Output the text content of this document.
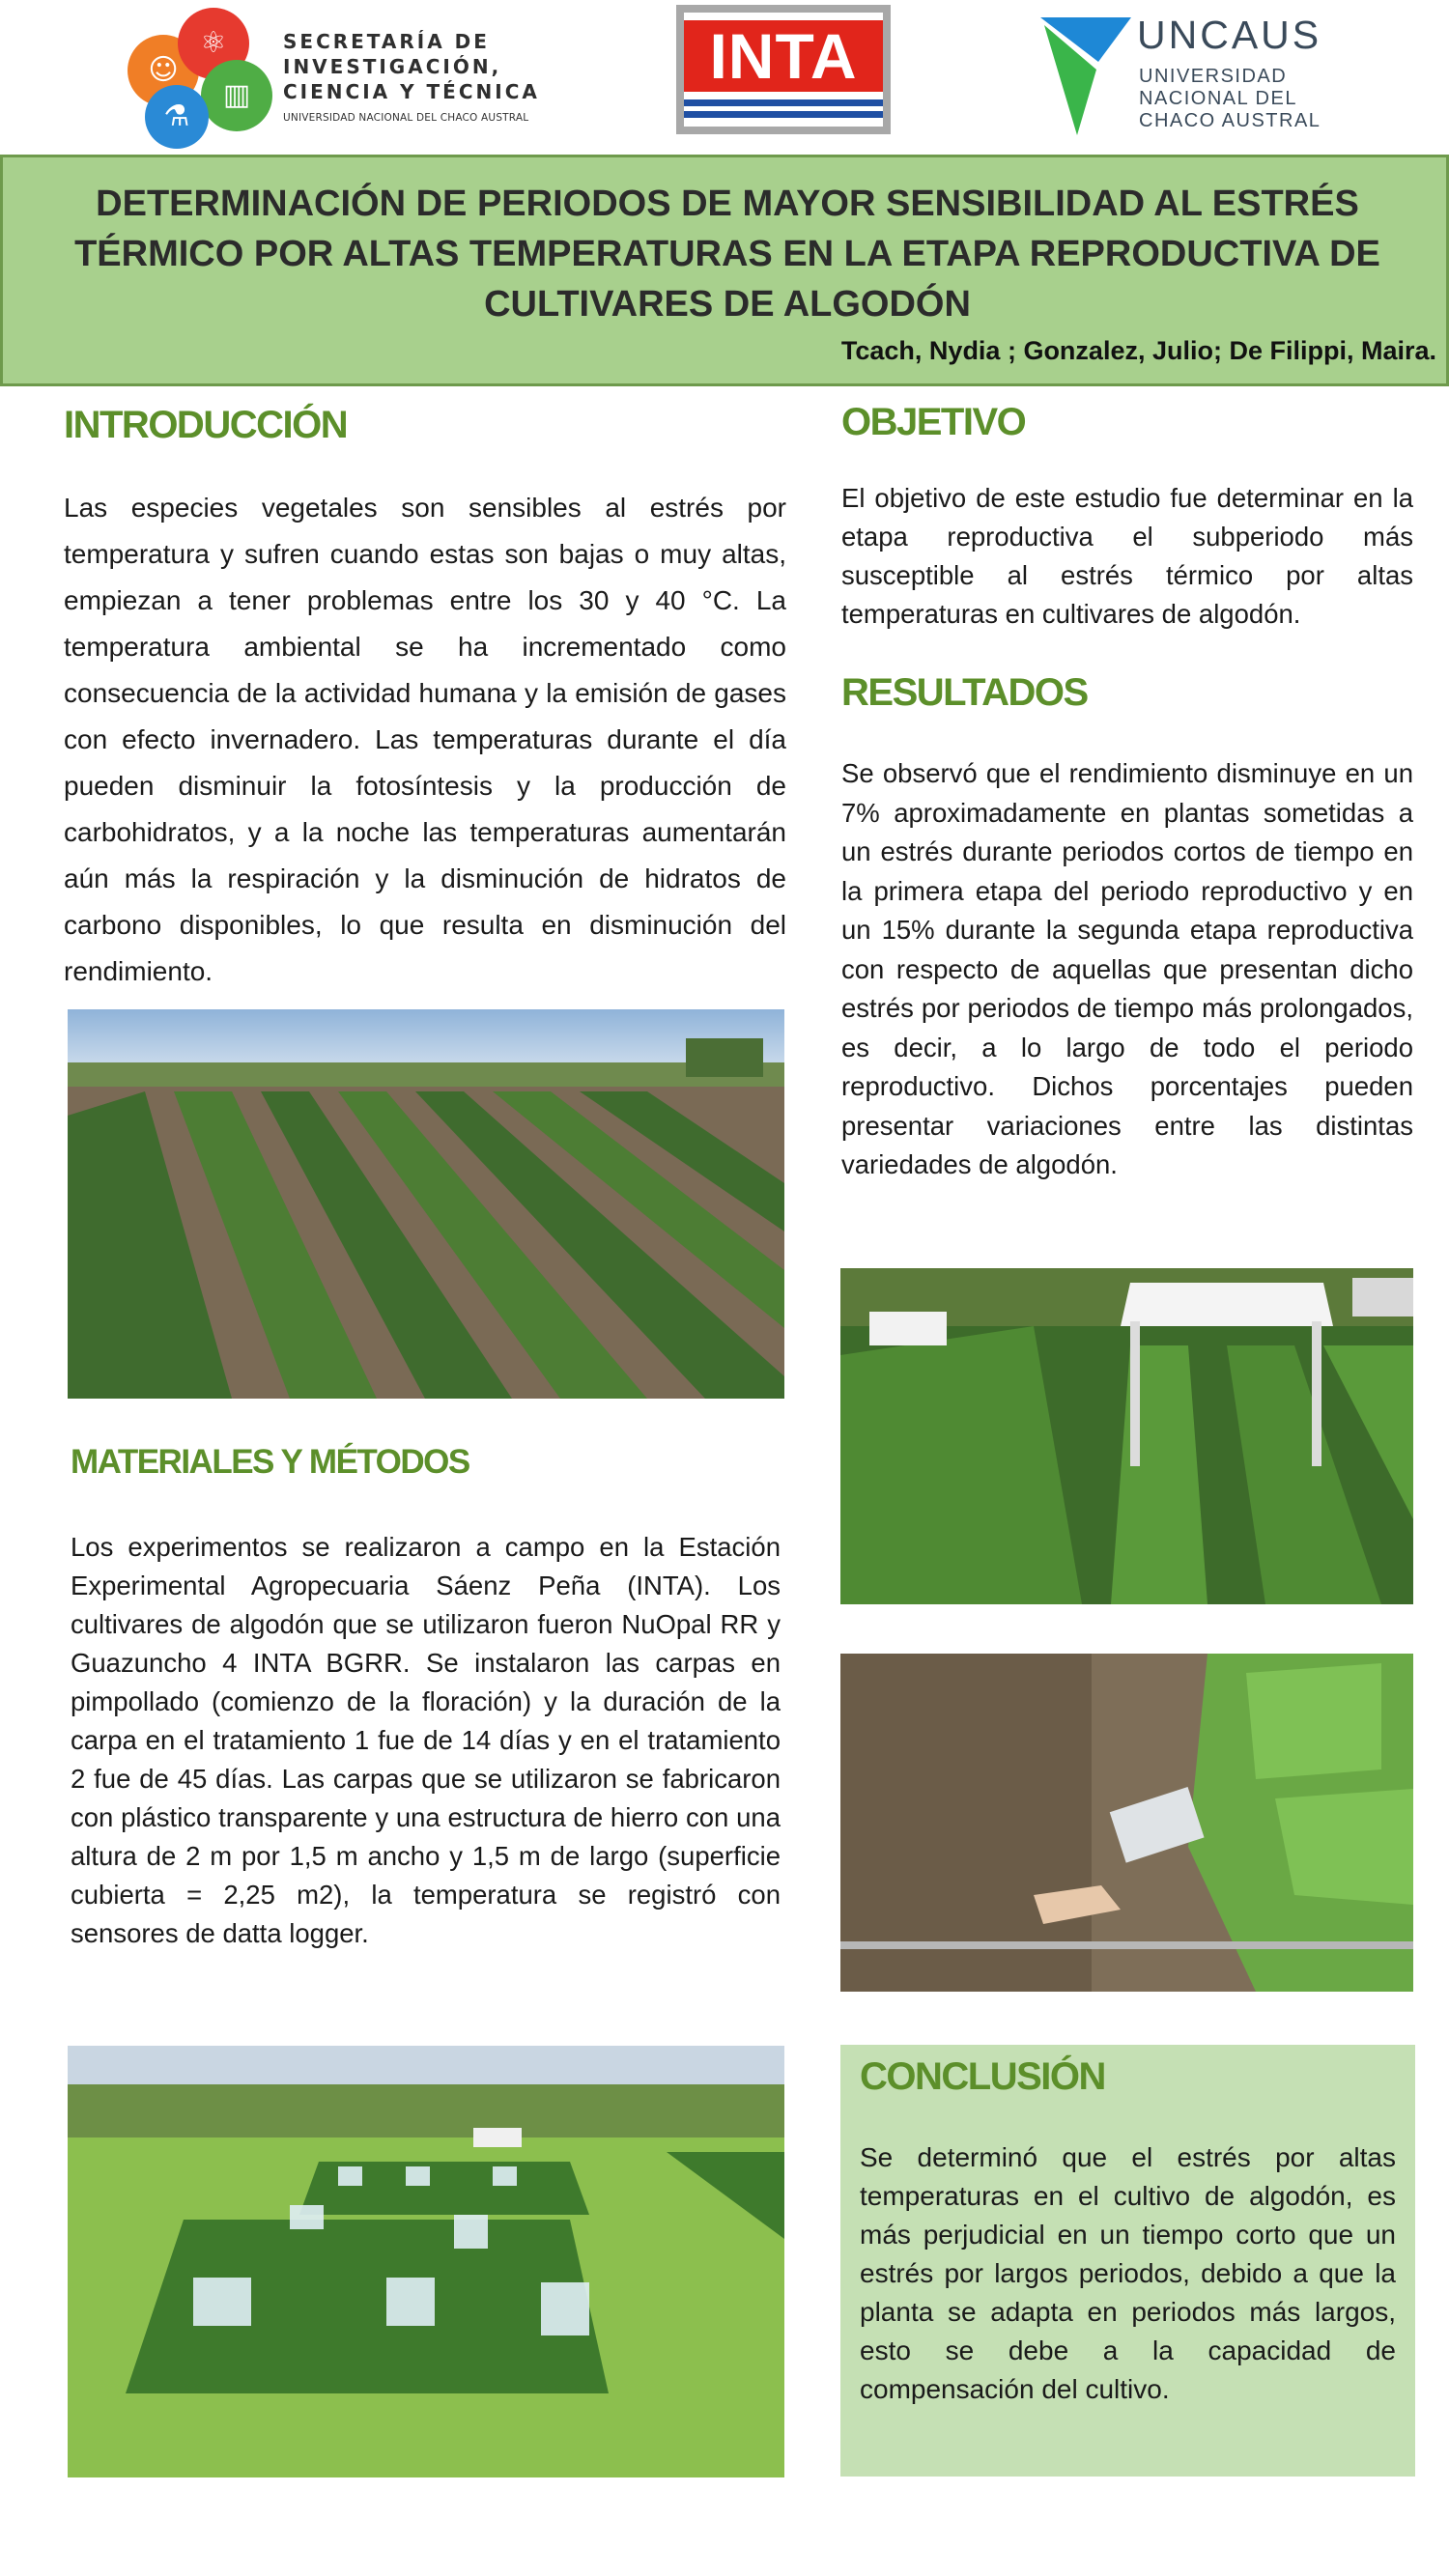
☺
⚛
▥
⚗
SECRETARÍA DE
INVESTIGACIÓN,
CIENCIA Y TÉCNICA
UNIVERSIDAD NACIONAL DEL CHACO AUSTRAL
INTA	UNCAUS
UNIVERSIDAD
NACIONAL DEL
CHACO AUSTRAL
DETERMINACIÓN DE PERIODOS DE MAYOR SENSIBILIDAD AL ESTRÉS TÉRMICO POR ALTAS TEMPERATURAS EN LA ETAPA REPRODUCTIVA DE CULTIVARES DE ALGODÓN
Tcach, Nydia ; Gonzalez, Julio; De Filippi, Maira.
INTRODUCCIÓN
Las especies vegetales son sensibles al estrés por temperatura y sufren cuando estas son bajas o muy altas, empiezan a tener problemas entre los 30 y 40 °C. La temperatura ambiental se ha incrementado como consecuencia de la actividad humana y la emisión de gases con efecto invernadero. Las temperaturas durante el día pueden disminuir la fotosíntesis y la producción de carbohidratos, y a la noche las temperaturas aumentarán aún más la respiración y la disminución de hidratos de carbono disponibles, lo que resulta en disminución del rendimiento.
MATERIALES Y MÉTODOS
Los experimentos se realizaron a campo en la Estación Experimental Agropecuaria Sáenz Peña (INTA). Los cultivares de algodón que se utilizaron fueron NuOpal RR y Guazuncho 4 INTA BGRR. Se instalaron las carpas en pimpollado (comienzo de la floración) y la duración de la carpa en el tratamiento 1 fue de 14 días y en el tratamiento 2 fue de 45 días. Las carpas que se utilizaron se fabricaron con plástico transparente y una estructura de hierro con una altura de 2 m por 1,5 m ancho y 1,5 m de largo (superficie cubierta = 2,25 m2), la temperatura se registró con sensores de datta logger.
OBJETIVO
El objetivo de este estudio fue determinar en la etapa reproductiva el subperiodo más susceptible al estrés térmico por altas temperaturas en cultivares de algodón.
RESULTADOS
Se observó que el rendimiento disminuye en un 7% aproximadamente en plantas sometidas a un estrés durante periodos cortos de tiempo en la primera etapa del periodo reproductivo y en un 15% durante la segunda etapa reproductiva con respecto de aquellas que presentan dicho estrés por periodos de tiempo más prolongados, es decir, a lo largo de todo el periodo reproductivo. Dichos porcentajes pueden presentar variaciones entre las distintas variedades de algodón.
CONCLUSIÓN
Se determinó que el estrés por altas temperaturas en el cultivo de algodón, es más perjudicial en un tiempo corto que un estrés por largos periodos, debido a que la planta se adapta en periodos más largos, esto se debe a la capacidad de compensación del cultivo.
